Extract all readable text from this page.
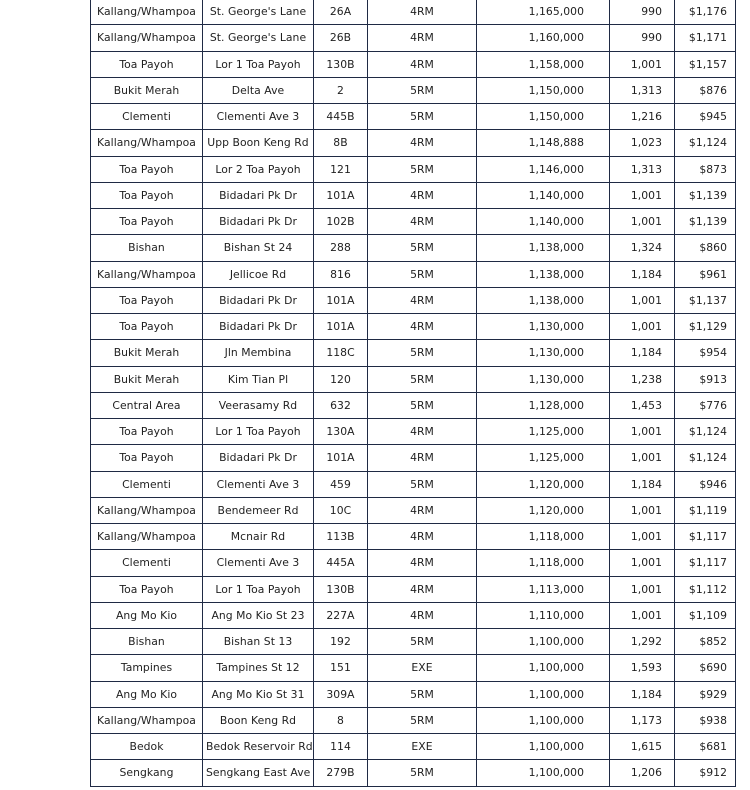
Kallang/Whampoa	St. George's Lane	26A	4RM	1,165,000	990	$1,176
Kallang/Whampoa	St. George's Lane	26B	4RM	1,160,000	990	$1,171
Toa Payoh	Lor 1 Toa Payoh	130B	4RM	1,158,000	1,001	$1,157
Bukit Merah	Delta Ave	2	5RM	1,150,000	1,313	$876
Clementi	Clementi Ave 3	445B	5RM	1,150,000	1,216	$945
Kallang/Whampoa	Upp Boon Keng Rd	8B	4RM	1,148,888	1,023	$1,124
Toa Payoh	Lor 2 Toa Payoh	121	5RM	1,146,000	1,313	$873
Toa Payoh	Bidadari Pk Dr	101A	4RM	1,140,000	1,001	$1,139
Toa Payoh	Bidadari Pk Dr	102B	4RM	1,140,000	1,001	$1,139
Bishan	Bishan St 24	288	5RM	1,138,000	1,324	$860
Kallang/Whampoa	Jellicoe Rd	816	5RM	1,138,000	1,184	$961
Toa Payoh	Bidadari Pk Dr	101A	4RM	1,138,000	1,001	$1,137
Toa Payoh	Bidadari Pk Dr	101A	4RM	1,130,000	1,001	$1,129
Bukit Merah	Jln Membina	118C	5RM	1,130,000	1,184	$954
Bukit Merah	Kim Tian Pl	120	5RM	1,130,000	1,238	$913
Central Area	Veerasamy Rd	632	5RM	1,128,000	1,453	$776
Toa Payoh	Lor 1 Toa Payoh	130A	4RM	1,125,000	1,001	$1,124
Toa Payoh	Bidadari Pk Dr	101A	4RM	1,125,000	1,001	$1,124
Clementi	Clementi Ave 3	459	5RM	1,120,000	1,184	$946
Kallang/Whampoa	Bendemeer Rd	10C	4RM	1,120,000	1,001	$1,119
Kallang/Whampoa	Mcnair Rd	113B	4RM	1,118,000	1,001	$1,117
Clementi	Clementi Ave 3	445A	4RM	1,118,000	1,001	$1,117
Toa Payoh	Lor 1 Toa Payoh	130B	4RM	1,113,000	1,001	$1,112
Ang Mo Kio	Ang Mo Kio St 23	227A	4RM	1,110,000	1,001	$1,109
Bishan	Bishan St 13	192	5RM	1,100,000	1,292	$852
Tampines	Tampines St 12	151	EXE	1,100,000	1,593	$690
Ang Mo Kio	Ang Mo Kio St 31	309A	5RM	1,100,000	1,184	$929
Kallang/Whampoa	Boon Keng Rd	8	5RM	1,100,000	1,173	$938
Bedok	Bedok Reservoir Rd	114	EXE	1,100,000	1,615	$681
Sengkang	Sengkang East Ave	279B	5RM	1,100,000	1,206	$912
